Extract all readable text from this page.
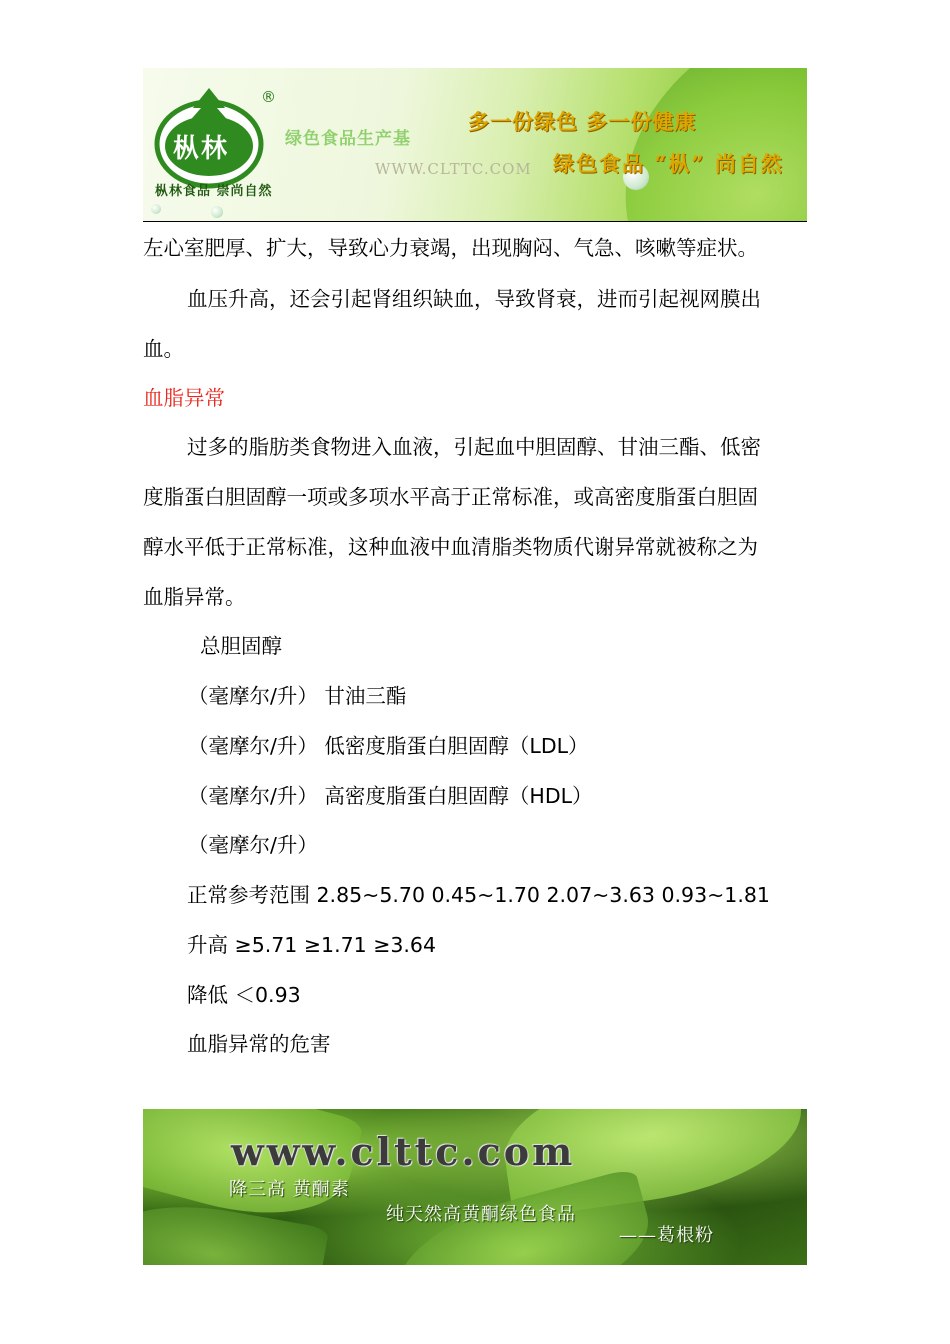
®
枞林
枞林食品 崇尚自然
绿色食品生产基
WWW.CLTTC.COM
多一份绿色 多一份健康
绿色食品 “枞” 尚自然
左心室肥厚、扩大，导致心力衰竭，出现胸闷、气急、咳嗽等症状。
血压升高，还会引起肾组织缺血，导致肾衰，进而引起视网膜出
血。
血脂异常
过多的脂肪类食物进入血液，引起血中胆固醇、甘油三酯、低密
度脂蛋白胆固醇一项或多项水平高于正常标准，或高密度脂蛋白胆固
醇水平低于正常标准，这种血液中血清脂类物质代谢异常就被称之为
血脂异常。
总胆固醇
（毫摩尔/升） 甘油三酯
（毫摩尔/升） 低密度脂蛋白胆固醇（LDL）
（毫摩尔/升） 高密度脂蛋白胆固醇（HDL）
（毫摩尔/升）
正常参考范围 2.85~5.70 0.45~1.70 2.07~3.63 0.93~1.81
升高 ≥5.71 ≥1.71 ≥3.64
降低 ＜0.93
血脂异常的危害
www.clttc.com
降三高 黄酮素
纯天然高黄酮绿色食品
——葛根粉
